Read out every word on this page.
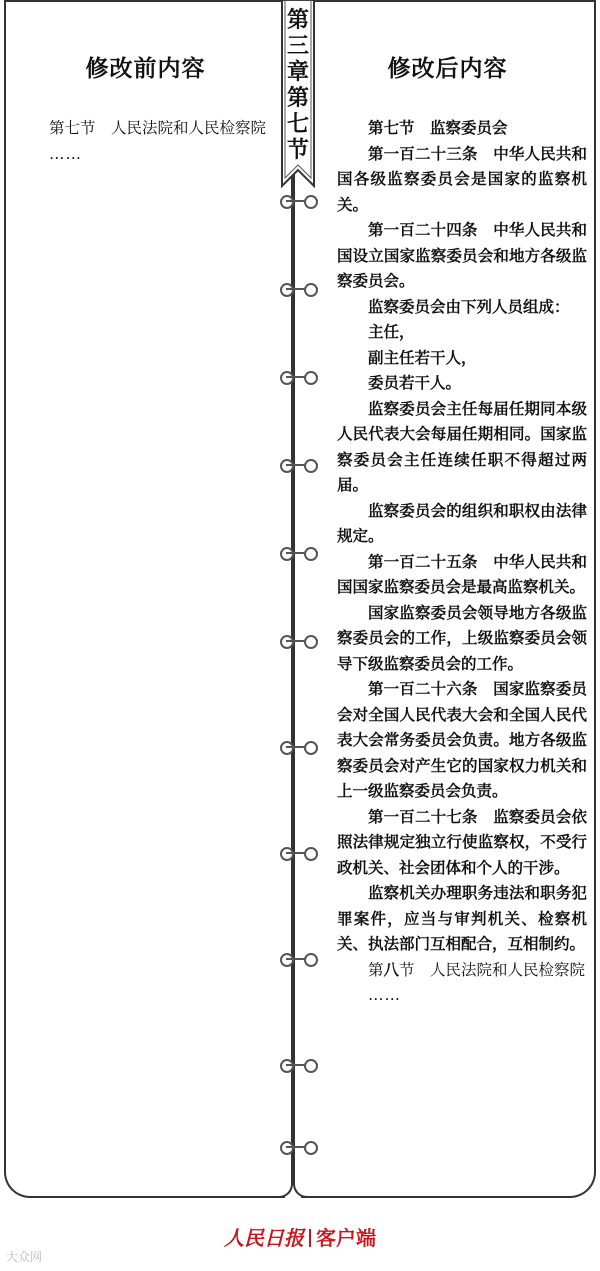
修改前内容

第七节　人民法院和人民检察院

……

修改后内容

第七节　监察委员会

第一百二十三条　中华人民共和国各级监察委员会是国家的监察机关。

第一百二十四条　中华人民共和国设立国家监察委员会和地方各级监察委员会。

监察委员会由下列人员组成：

主任，

副主任若干人，

委员若干人。

监察委员会主任每届任期同本级人民代表大会每届任期相同。国家监察委员会主任连续任职不得超过两届。

监察委员会的组织和职权由法律规定。

第一百二十五条　中华人民共和国国家监察委员会是最高监察机关。

国家监察委员会领导地方各级监察委员会的工作，上级监察委员会领导下级监察委员会的工作。

第一百二十六条　国家监察委员会对全国人民代表大会和全国人民代表大会常务委员会负责。地方各级监察委员会对产生它的国家权力机关和上一级监察委员会负责。

第一百二十七条　监察委员会依照法律规定独立行使监察权，不受行政机关、社会团体和个人的干涉。

监察机关办理职务违法和职务犯罪案件，应当与审判机关、检察机关、执法部门互相配合，互相制约。

第八节　人民法院和人民检察院

……

第
三
章
第
七
节
人民日报 客户端
大众网
